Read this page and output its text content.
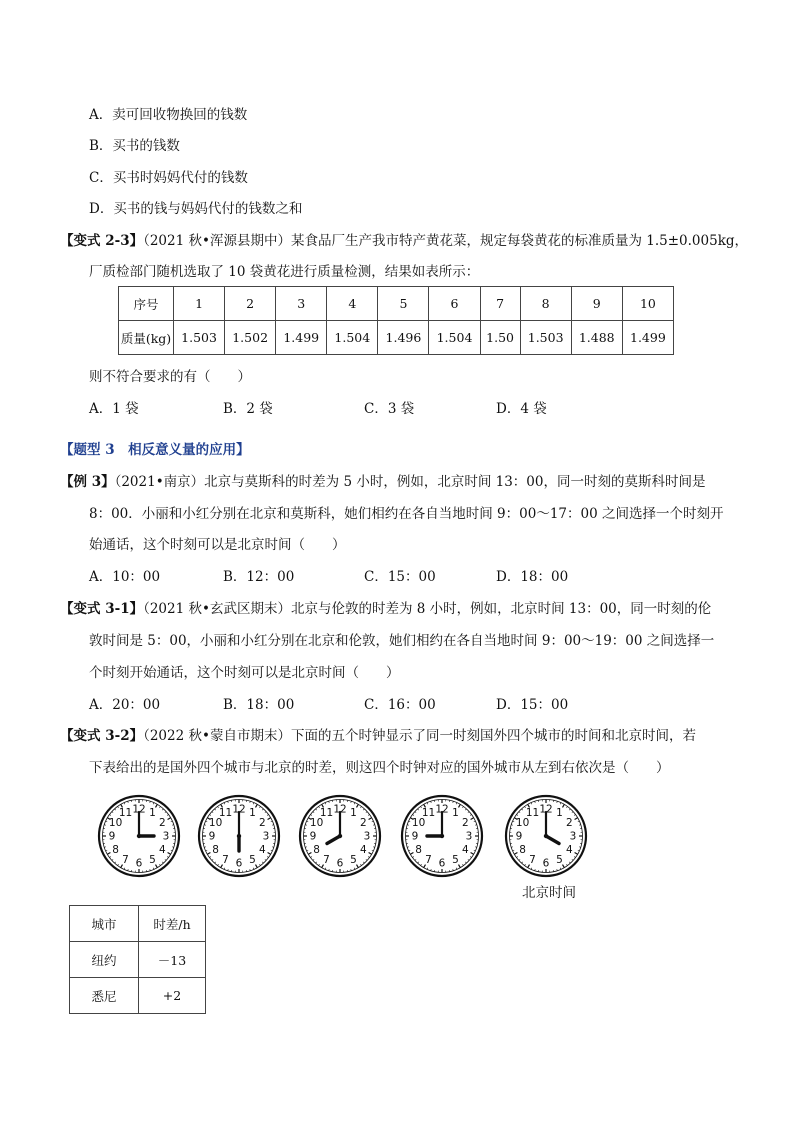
A．卖可回收物换回的钱数
B．买书的钱数
C．买书时妈妈代付的钱数
D．买书的钱与妈妈代付的钱数之和
【变式 2-3】（2021 秋•浑源县期中）某食品厂生产我市特产黄花菜，规定每袋黄花的标准质量为 1.5±0.005kg，
厂质检部门随机选取了 10 袋黄花进行质量检测，结果如表所示：
序号	1	2	3	4	5	6	7	8	9	10
质量(kg)	1.503	1.502	1.499	1.504	1.496	1.504	1.50	1.503	1.488	1.499
则不符合要求的有（　　）
A．1 袋	B．2 袋	C．3 袋	D．4 袋
【题型 3　相反意义量的应用】
【例 3】（2021•南京）北京与莫斯科的时差为 5 小时，例如，北京时间 13：00，同一时刻的莫斯科时间是
8：00．小丽和小红分别在北京和莫斯科，她们相约在各自当地时间 9：00～17：00 之间选择一个时刻开
始通话，这个时刻可以是北京时间（　　）
A．10：00	B．12：00	C．15：00	D．18：00
【变式 3-1】（2021 秋•玄武区期末）北京与伦敦的时差为 8 小时，例如，北京时间 13：00，同一时刻的伦
敦时间是 5：00，小丽和小红分别在北京和伦敦，她们相约在各自当地时间 9：00～19：00 之间选择一
个时刻开始通话，这个时刻可以是北京时间（　　）
A．20：00	B．18：00	C．16：00	D．15：00
【变式 3-2】（2022 秋•蒙自市期末）下面的五个时钟显示了同一时刻国外四个城市的时间和北京时间，若
下表给出的是国外四个城市与北京的时差，则这四个时钟对应的国外城市从左到右依次是（　　）
12 1
2
3
4
5
6
7
8
9
10
11	12 1
2
3
4
5
6
7
8
9
10
11	12 1
2
3
4
5
6
7
8
9
10
11	12 1
2
3
4
5
6
7
8
9
10
11	12 1
2
3
4
5
6
7
8
9
10
11
北京时间
城市	时差/h
纽约	－13
悉尼	+2
